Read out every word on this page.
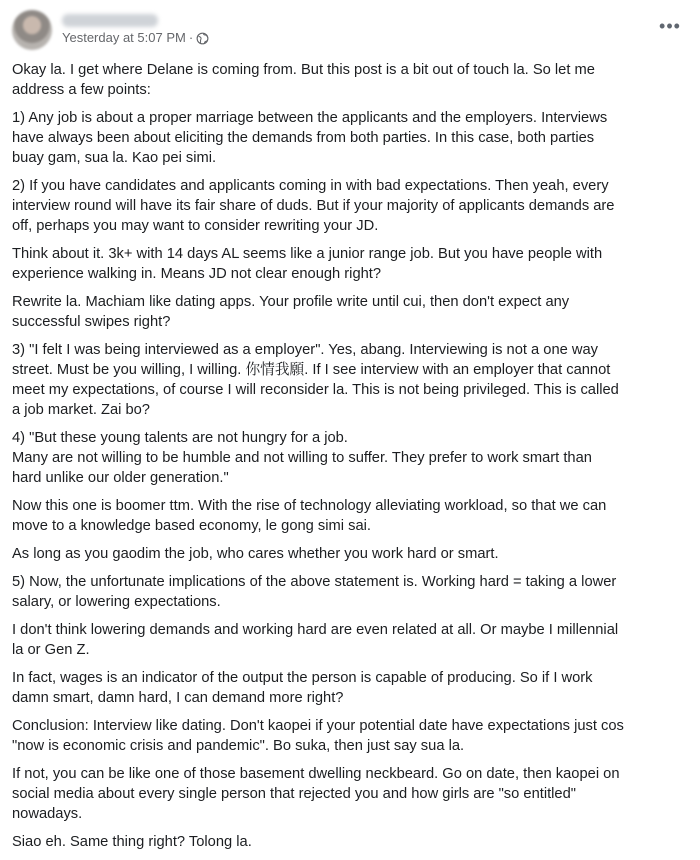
Yesterday at 5:07 PM ·
•••

Okay la. I get where Delane is coming from. But this post is a bit out of touch la. So let me
address a few points:

1) Any job is about a proper marriage between the applicants and the employers. Interviews
have always been about eliciting the demands from both parties. In this case, both parties
buay gam, sua la. Kao pei simi.

2) If you have candidates and applicants coming in with bad expectations. Then yeah, every
interview round will have its fair share of duds. But if your majority of applicants demands are
off, perhaps you may want to consider rewriting your JD.

Think about it. 3k+ with 14 days AL seems like a junior range job. But you have people with
experience walking in. Means JD not clear enough right?

Rewrite la. Machiam like dating apps. Your profile write until cui, then don't expect any
successful swipes right?

3) "I felt I was being interviewed as a employer". Yes, abang. Interviewing is not a one way
street. Must be you willing, I willing. 你情我願. If I see interview with an employer that cannot
meet my expectations, of course I will reconsider la. This is not being privileged. This is called
a job market. Zai bo?

4) "But these young talents are not hungry for a job.
Many are not willing to be humble and not willing to suffer. They prefer to work smart than
hard unlike our older generation."

Now this one is boomer ttm. With the rise of technology alleviating workload, so that we can
move to a knowledge based economy, le gong simi sai.

As long as you gaodim the job, who cares whether you work hard or smart.

5) Now, the unfortunate implications of the above statement is. Working hard = taking a lower
salary, or lowering expectations.

I don't think lowering demands and working hard are even related at all. Or maybe I millennial
la or Gen Z.

In fact, wages is an indicator of the output the person is capable of producing. So if I work
damn smart, damn hard, I can demand more right?

Conclusion: Interview like dating. Don't kaopei if your potential date have expectations just cos
"now is economic crisis and pandemic". Bo suka, then just say sua la.

If not, you can be like one of those basement dwelling neckbeard. Go on date, then kaopei on
social media about every single person that rejected you and how girls are "so entitled"
nowadays.

Siao eh. Same thing right? Tolong la.
